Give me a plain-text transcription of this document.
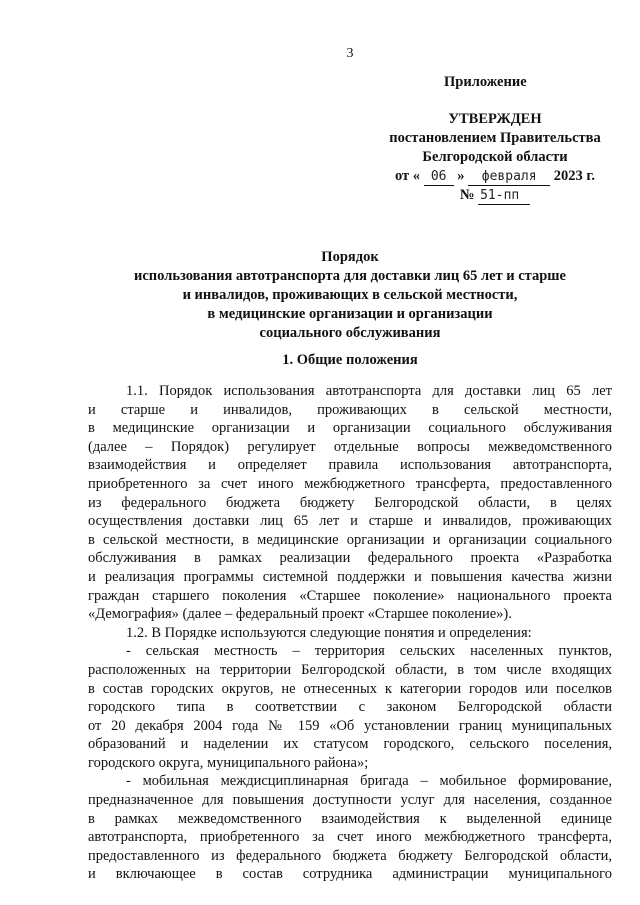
3
Приложение
УТВЕРЖДЕН
постановлением Правительства
Белгородской области
от « 06 » февраля 2023 г.
№ 51-пп
Порядок
использования автотранспорта для доставки лиц 65 лет и старше
и инвалидов, проживающих в сельской местности,
в медицинские организации и организации
социального обслуживания
1. Общие положения
1.1. Порядок использования автотранспорта для доставки лиц 65 лет
и старше и инвалидов, проживающих в сельской местности,
в медицинские организации и организации социального обслуживания
(далее – Порядок) регулирует отдельные вопросы межведомственного
взаимодействия и определяет правила использования автотранспорта,
приобретенного за счет иного межбюджетного трансферта, предоставленного
из федерального бюджета бюджету Белгородской области, в целях
осуществления доставки лиц 65 лет и старше и инвалидов, проживающих
в сельской местности, в медицинские организации и организации социального
обслуживания в рамках реализации федерального проекта «Разработка
и реализация программы системной поддержки и повышения качества жизни
граждан старшего поколения «Старшее поколение» национального проекта
«Демография» (далее – федеральный проект «Старшее поколение»).
1.2. В Порядке используются следующие понятия и определения:
- сельская местность – территория сельских населенных пунктов,
расположенных на территории Белгородской области, в том числе входящих
в состав городских округов, не отнесенных к категории городов или поселков
городского типа в соответствии с законом Белгородской области
от 20 декабря 2004 года № 159 «Об установлении границ муниципальных
образований и наделении их статусом городского, сельского поселения,
городского округа, муниципального района»;
- мобильная междисциплинарная бригада – мобильное формирование,
предназначенное для повышения доступности услуг для населения, созданное
в рамках межведомственного взаимодействия к выделенной единице
автотранспорта, приобретенного за счет иного межбюджетного трансферта,
предоставленного из федерального бюджета бюджету Белгородской области,
и включающее в состав сотрудника администрации муниципального
